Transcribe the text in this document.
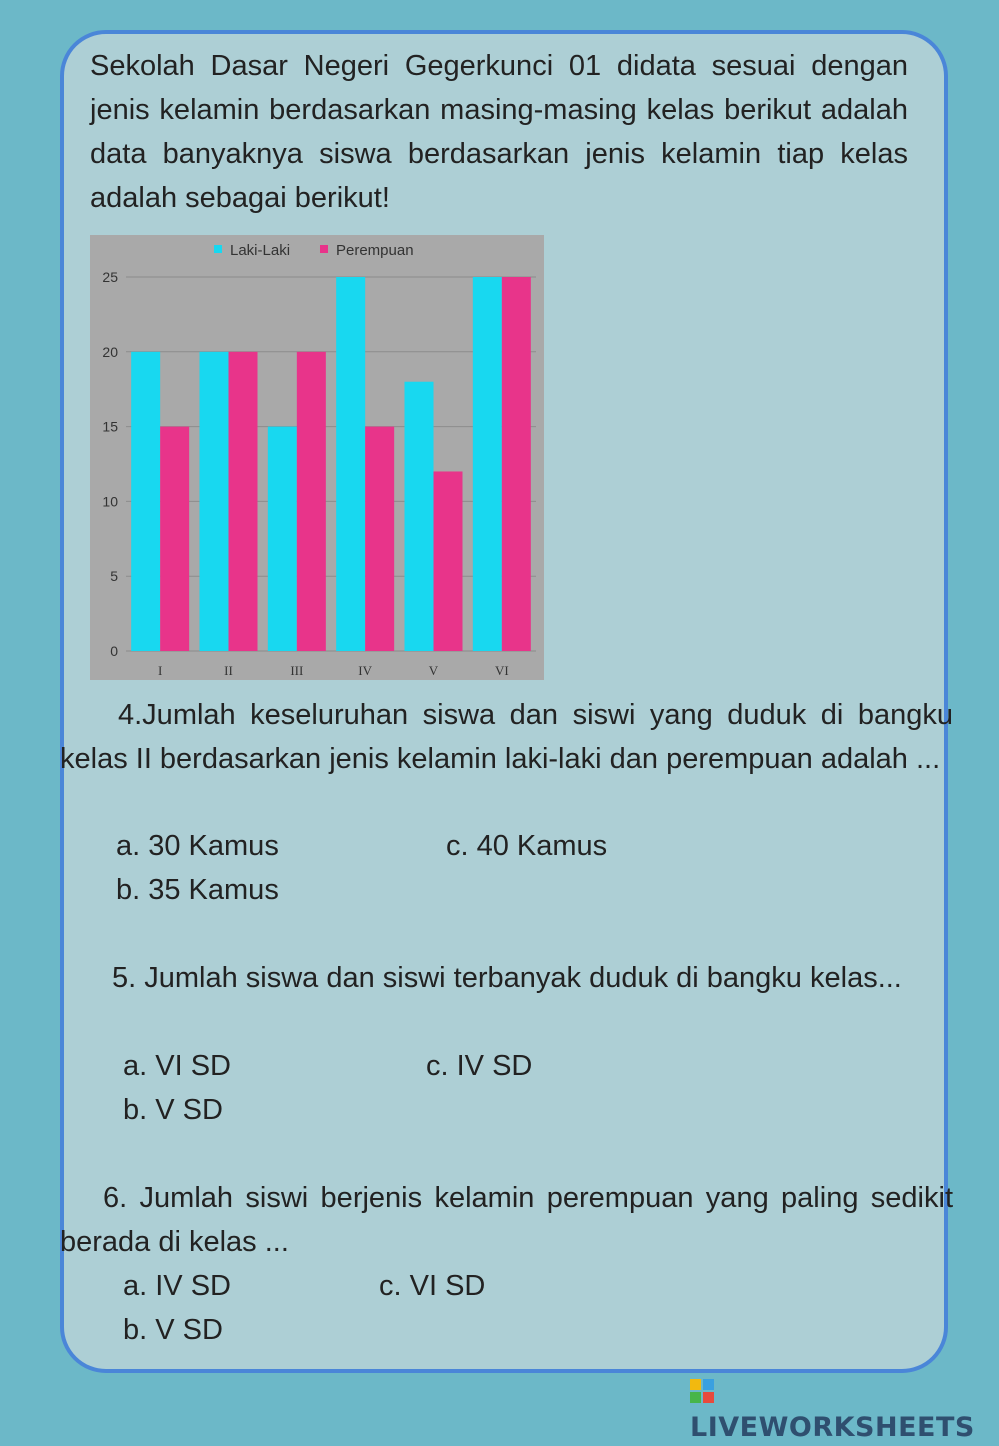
Sekolah Dasar Negeri Gegerkunci 01 didata sesuai dengan jenis kelamin berdasarkan masing-masing kelas berikut adalah data banyaknya siswa berdasarkan jenis kelamin tiap kelas adalah sebagai berikut!
0
5
10
15
20
25
I	II	III	IV	V	VI
Laki-Laki	Perempuan
4.Jumlah keseluruhan siswa dan siswi yang duduk di bangku kelas II berdasarkan jenis kelamin laki-laki dan perempuan adalah ...
a. 30 Kamus	c. 40 Kamus
b. 35 Kamus
5. Jumlah siswa dan siswi terbanyak duduk di bangku kelas...
a. VI SD	c. IV SD
b. V SD
6. Jumlah siswi berjenis kelamin perempuan yang paling sedikit berada di kelas ...
a. IV SD	c. VI SD
b. V SD
LIVEWORKSHEETS
